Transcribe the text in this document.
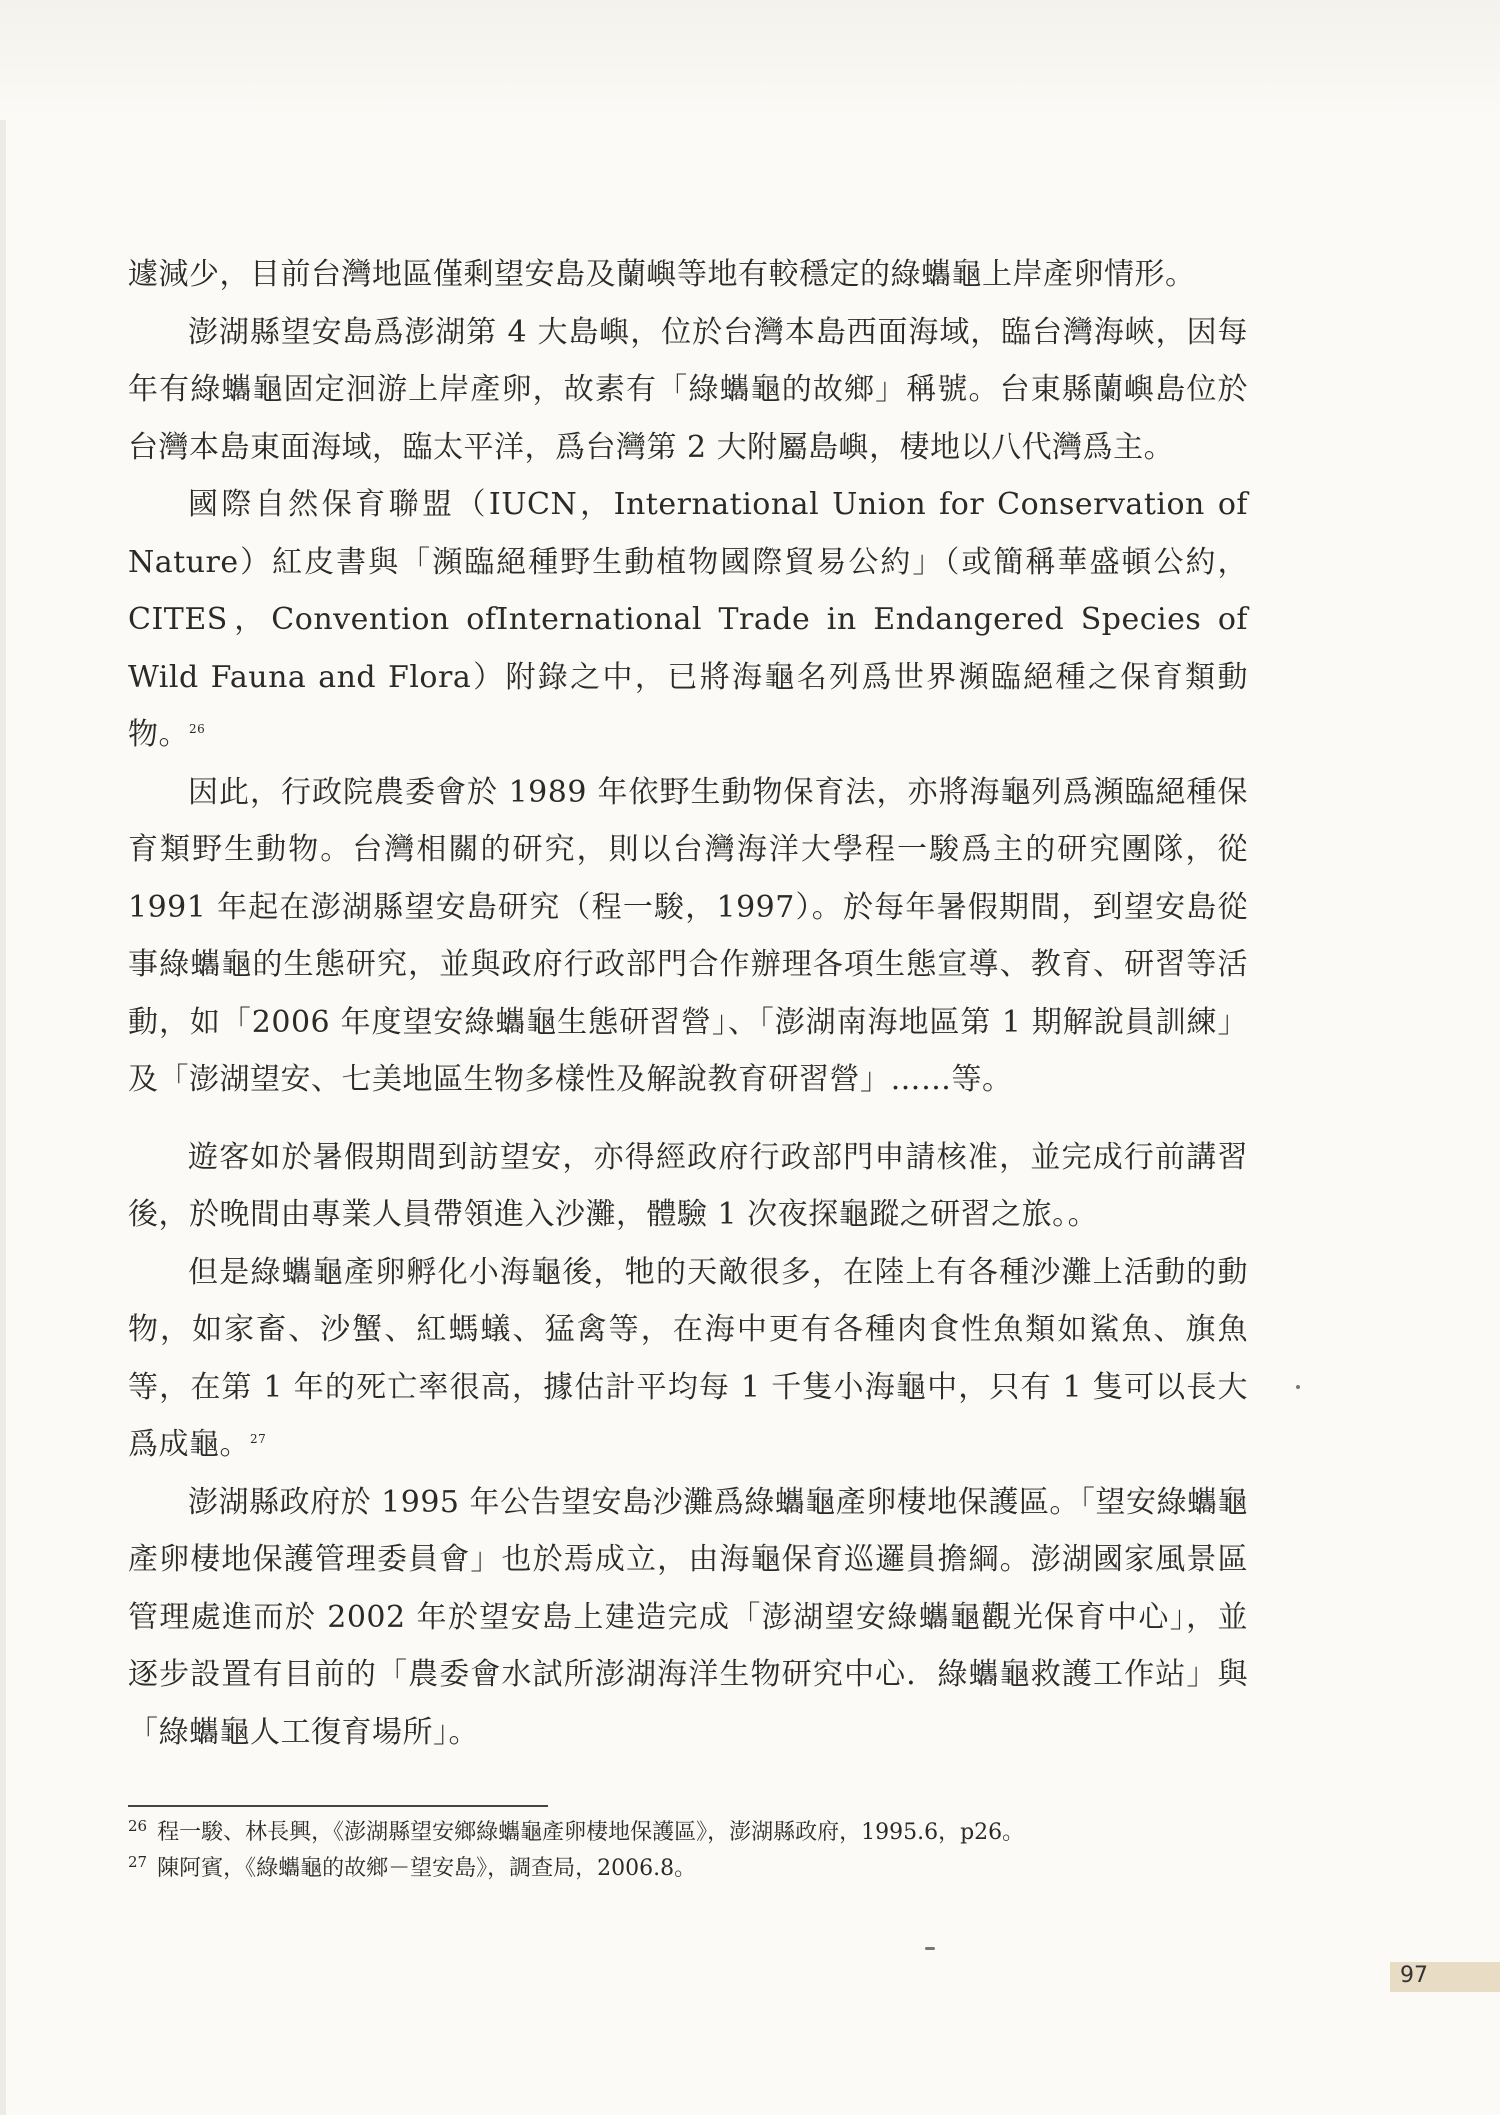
遽減少，目前台灣地區僅剩望安島及蘭嶼等地有較穩定的綠蠵龜上岸產卵情形。

澎湖縣望安島爲澎湖第 4 大島嶼，位於台灣本島西面海域，臨台灣海峽，因每年有綠蠵龜固定洄游上岸產卵，故素有「綠蠵龜的故鄉」稱號。台東縣蘭嶼島位於台灣本島東面海域，臨太平洋，爲台灣第 2 大附屬島嶼，棲地以八代灣爲主。

國際自然保育聯盟（IUCN，International Union for Conservation of Nature）紅皮書與「瀕臨絕種野生動植物國際貿易公約」（或簡稱華盛頓公約，CITES，Convention ofInternational Trade in Endangered Species of Wild Fauna and Flora）附錄之中，已將海龜名列爲世界瀕臨絕種之保育類動物。$^{26}$

因此，行政院農委會於 1989 年依野生動物保育法，亦將海龜列爲瀕臨絕種保育類野生動物。台灣相關的研究，則以台灣海洋大學程一駿爲主的研究團隊，從 1991 年起在澎湖縣望安島研究（程一駿，1997）。於每年暑假期間，到望安島從事綠蠵龜的生態研究，並與政府行政部門合作辦理各項生態宣導、教育、研習等活動，如「2006 年度望安綠蠵龜生態研習營」、「澎湖南海地區第 1 期解說員訓練」及「澎湖望安、七美地區生物多樣性及解說教育研習營」……等。

遊客如於暑假期間到訪望安，亦得經政府行政部門申請核准，並完成行前講習後，於晚間由專業人員帶領進入沙灘，體驗 1 次夜探龜蹤之研習之旅。。

但是綠蠵龜產卵孵化小海龜後，牠的天敵很多，在陸上有各種沙灘上活動的動物，如家畜、沙蟹、紅螞蟻、猛禽等，在海中更有各種肉食性魚類如鯊魚、旗魚等，在第 1 年的死亡率很高，據估計平均每 1 千隻小海龜中，只有 1 隻可以長大爲成龜。$^{27}$

澎湖縣政府於 1995 年公告望安島沙灘爲綠蠵龜產卵棲地保護區。「望安綠蠵龜產卵棲地保護管理委員會」也於焉成立，由海龜保育巡邏員擔綱。澎湖國家風景區管理處進而於 2002 年於望安島上建造完成「澎湖望安綠蠵龜觀光保育中心」，並逐步設置有目前的「農委會水試所澎湖海洋生物研究中心．綠蠵龜救護工作站」與「綠蠵龜人工復育場所」。

$^{26}$ 程一駿、林長興，《澎湖縣望安鄉綠蠵龜產卵棲地保護區》，澎湖縣政府，1995.6，p26。

$^{27}$ 陳阿賓，《綠蠵龜的故鄉－望安島》，調查局，2006.8。

97
